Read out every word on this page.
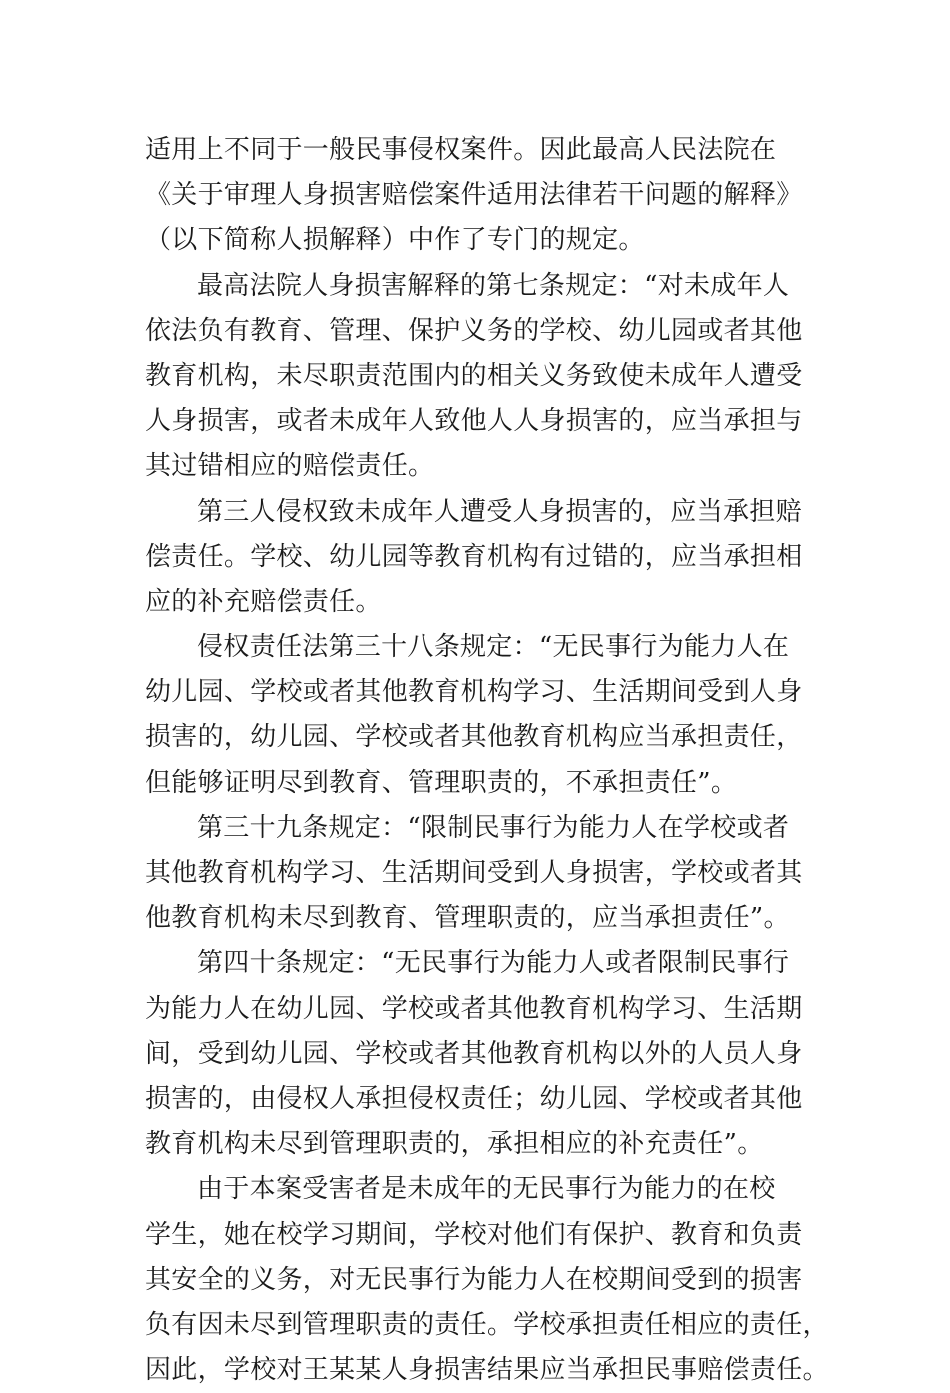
适用上不同于一般民事侵权案件。因此最高人民法院在
《关于审理人身损害赔偿案件适用法律若干问题的解释》
（以下简称人损解释）中作了专门的规定。
最高法院人身损害解释的第七条规定：“对未成年人
依法负有教育、管理、保护义务的学校、幼儿园或者其他
教育机构，未尽职责范围内的相关义务致使未成年人遭受
人身损害，或者未成年人致他人人身损害的，应当承担与
其过错相应的赔偿责任。
第三人侵权致未成年人遭受人身损害的，应当承担赔
偿责任。学校、幼儿园等教育机构有过错的，应当承担相
应的补充赔偿责任。
侵权责任法第三十八条规定：“无民事行为能力人在
幼儿园、学校或者其他教育机构学习、生活期间受到人身
损害的，幼儿园、学校或者其他教育机构应当承担责任，
但能够证明尽到教育、管理职责的，不承担责任”。
第三十九条规定：“限制民事行为能力人在学校或者
其他教育机构学习、生活期间受到人身损害，学校或者其
他教育机构未尽到教育、管理职责的，应当承担责任”。
第四十条规定：“无民事行为能力人或者限制民事行
为能力人在幼儿园、学校或者其他教育机构学习、生活期
间，受到幼儿园、学校或者其他教育机构以外的人员人身
损害的，由侵权人承担侵权责任；幼儿园、学校或者其他
教育机构未尽到管理职责的，承担相应的补充责任”。
由于本案受害者是未成年的无民事行为能力的在校
学生，她在校学习期间，学校对他们有保护、教育和负责
其安全的义务，对无民事行为能力人在校期间受到的损害
负有因未尽到管理职责的责任。学校承担责任相应的责任，
因此，学校对王某某人身损害结果应当承担民事赔偿责任。
